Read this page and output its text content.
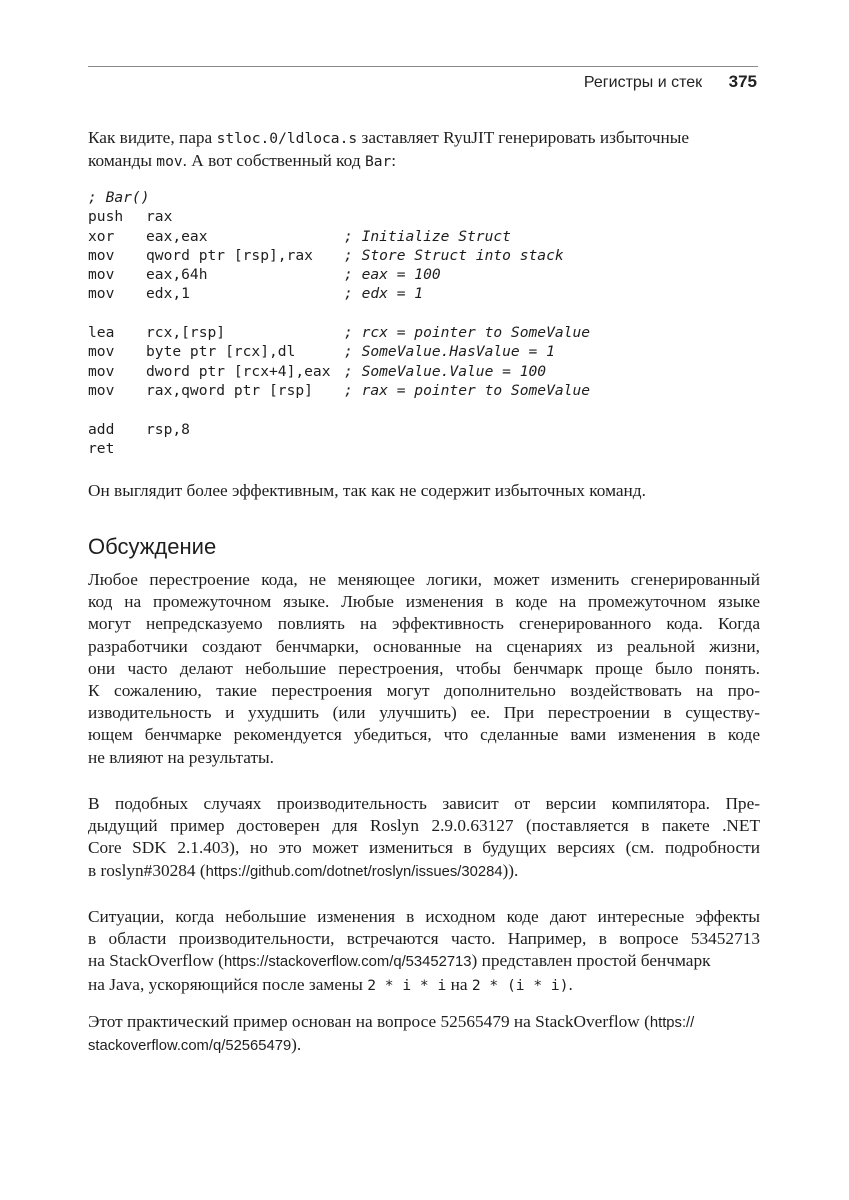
Регистры и стек 375

Как видите, пара stloc.0/ldloca.s заставляет RyuJIT генерировать избыточные
команды mov. А вот собственный код Bar:

; Bar()
push rax
xor eax,eax	; Initialize Struct
mov qword ptr [rsp],rax ; Store Struct into stack
mov eax,64h	; eax = 100
mov edx,1	; edx = 1
lea rcx,[rsp]	; rcx = pointer to SomeValue
mov byte ptr [rcx],dl	; SomeValue.HasValue = 1
mov dword ptr [rcx+4],eax ; SomeValue.Value = 100
mov rax,qword ptr [rsp] ; rax = pointer to SomeValue
add rsp,8
ret

Он выглядит более эффективным, так как не содержит избыточных команд.

Обсуждение

Любое перестроение кода, не меняющее логики, может изменить сгенерированный
код на промежуточном языке. Любые изменения в коде на промежуточном языке
могут непредсказуемо повлиять на эффективность сгенерированного кода. Когда
разработчики создают бенчмарки, основанные на сценариях из реальной жизни,
они часто делают небольшие перестроения, чтобы бенчмарк проще было понять.
К сожалению, такие перестроения могут дополнительно воздействовать на про-
изводительность и ухудшить (или улучшить) ее. При перестроении в существу-
ющем бенчмарке рекомендуется убедиться, что сделанные вами изменения в коде
не влияют на результаты.

В подобных случаях производительность зависит от версии компилятора. Пре-
дыдущий пример достоверен для Roslyn 2.9.0.63127 (поставляется в пакете .NET
Core SDK 2.1.403), но это может измениться в будущих версиях (см. подробности
в roslyn#30284 (https://github.com/dotnet/roslyn/issues/30284)).

Ситуации, когда небольшие изменения в исходном коде дают интересные эффекты
в области производительности, встречаются часто. Например, в вопросе 53452713
на StackOverflow (https://stackoverflow.com/q/53452713) представлен простой бенчмарк
на Java, ускоряющийся после замены 2 * i * i на 2 * (i * i).

Этот практический пример основан на вопросе 52565479 на StackOverflow (https://
stackoverflow.com/q/52565479).
